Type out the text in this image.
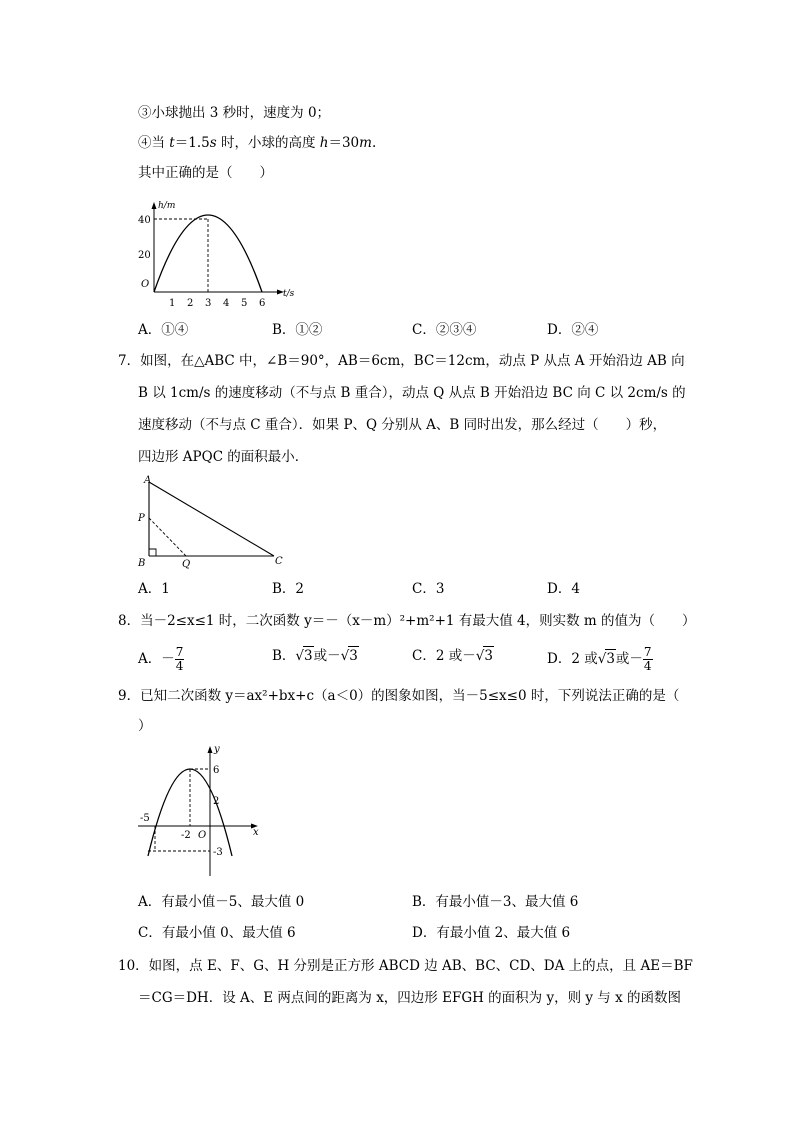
③小球抛出 3 秒时，速度为 0；
④当 t＝1.5s 时，小球的高度 h＝30m.
其中正确的是（　　）
h/m
t/s
O
40
20
1 2 3 4 5 6
A．①④	B．①②	C．②③④	D．②④
7．如图，在△ABC 中，∠B＝90°，AB＝6cm，BC＝12cm，动点 P 从点 A 开始沿边 AB 向
B 以 1cm/s 的速度移动（不与点 B 重合），动点 Q 从点 B 开始沿边 BC 向 C 以 2cm/s 的
速度移动（不与点 C 重合）．如果 P、Q 分别从 A、B 同时出发，那么经过（　　）秒，
四边形 APQC 的面积最小．
A
P
B	Q	C
A．1	B．2	C．3	D．4
8．当－2≤x≤1 时，二次函数 y＝－（x－m）²+m²+1 有最大值 4，则实数 m 的值为（　　）
A．－ $\frac{7}{4}$	B．√3或－√3	C．2 或－√3	D．2 或√3或－ $\frac{7}{4}$
9．已知二次函数 y＝ax²+bx+c（a＜0）的图象如图，当－5≤x≤0 时，下列说法正确的是（
）
y
x
O
6
2
-5
-2
-3
A．有最小值－5、最大值 0	B．有最小值－3、最大值 6
C．有最小值 0、最大值 6	D．有最小值 2、最大值 6
10．如图，点 E、F、G、H 分别是正方形 ABCD 边 AB、BC、CD、DA 上的点，且 AE＝BF
＝CG＝DH．设 A、E 两点间的距离为 x，四边形 EFGH 的面积为 y，则 y 与 x 的函数图
